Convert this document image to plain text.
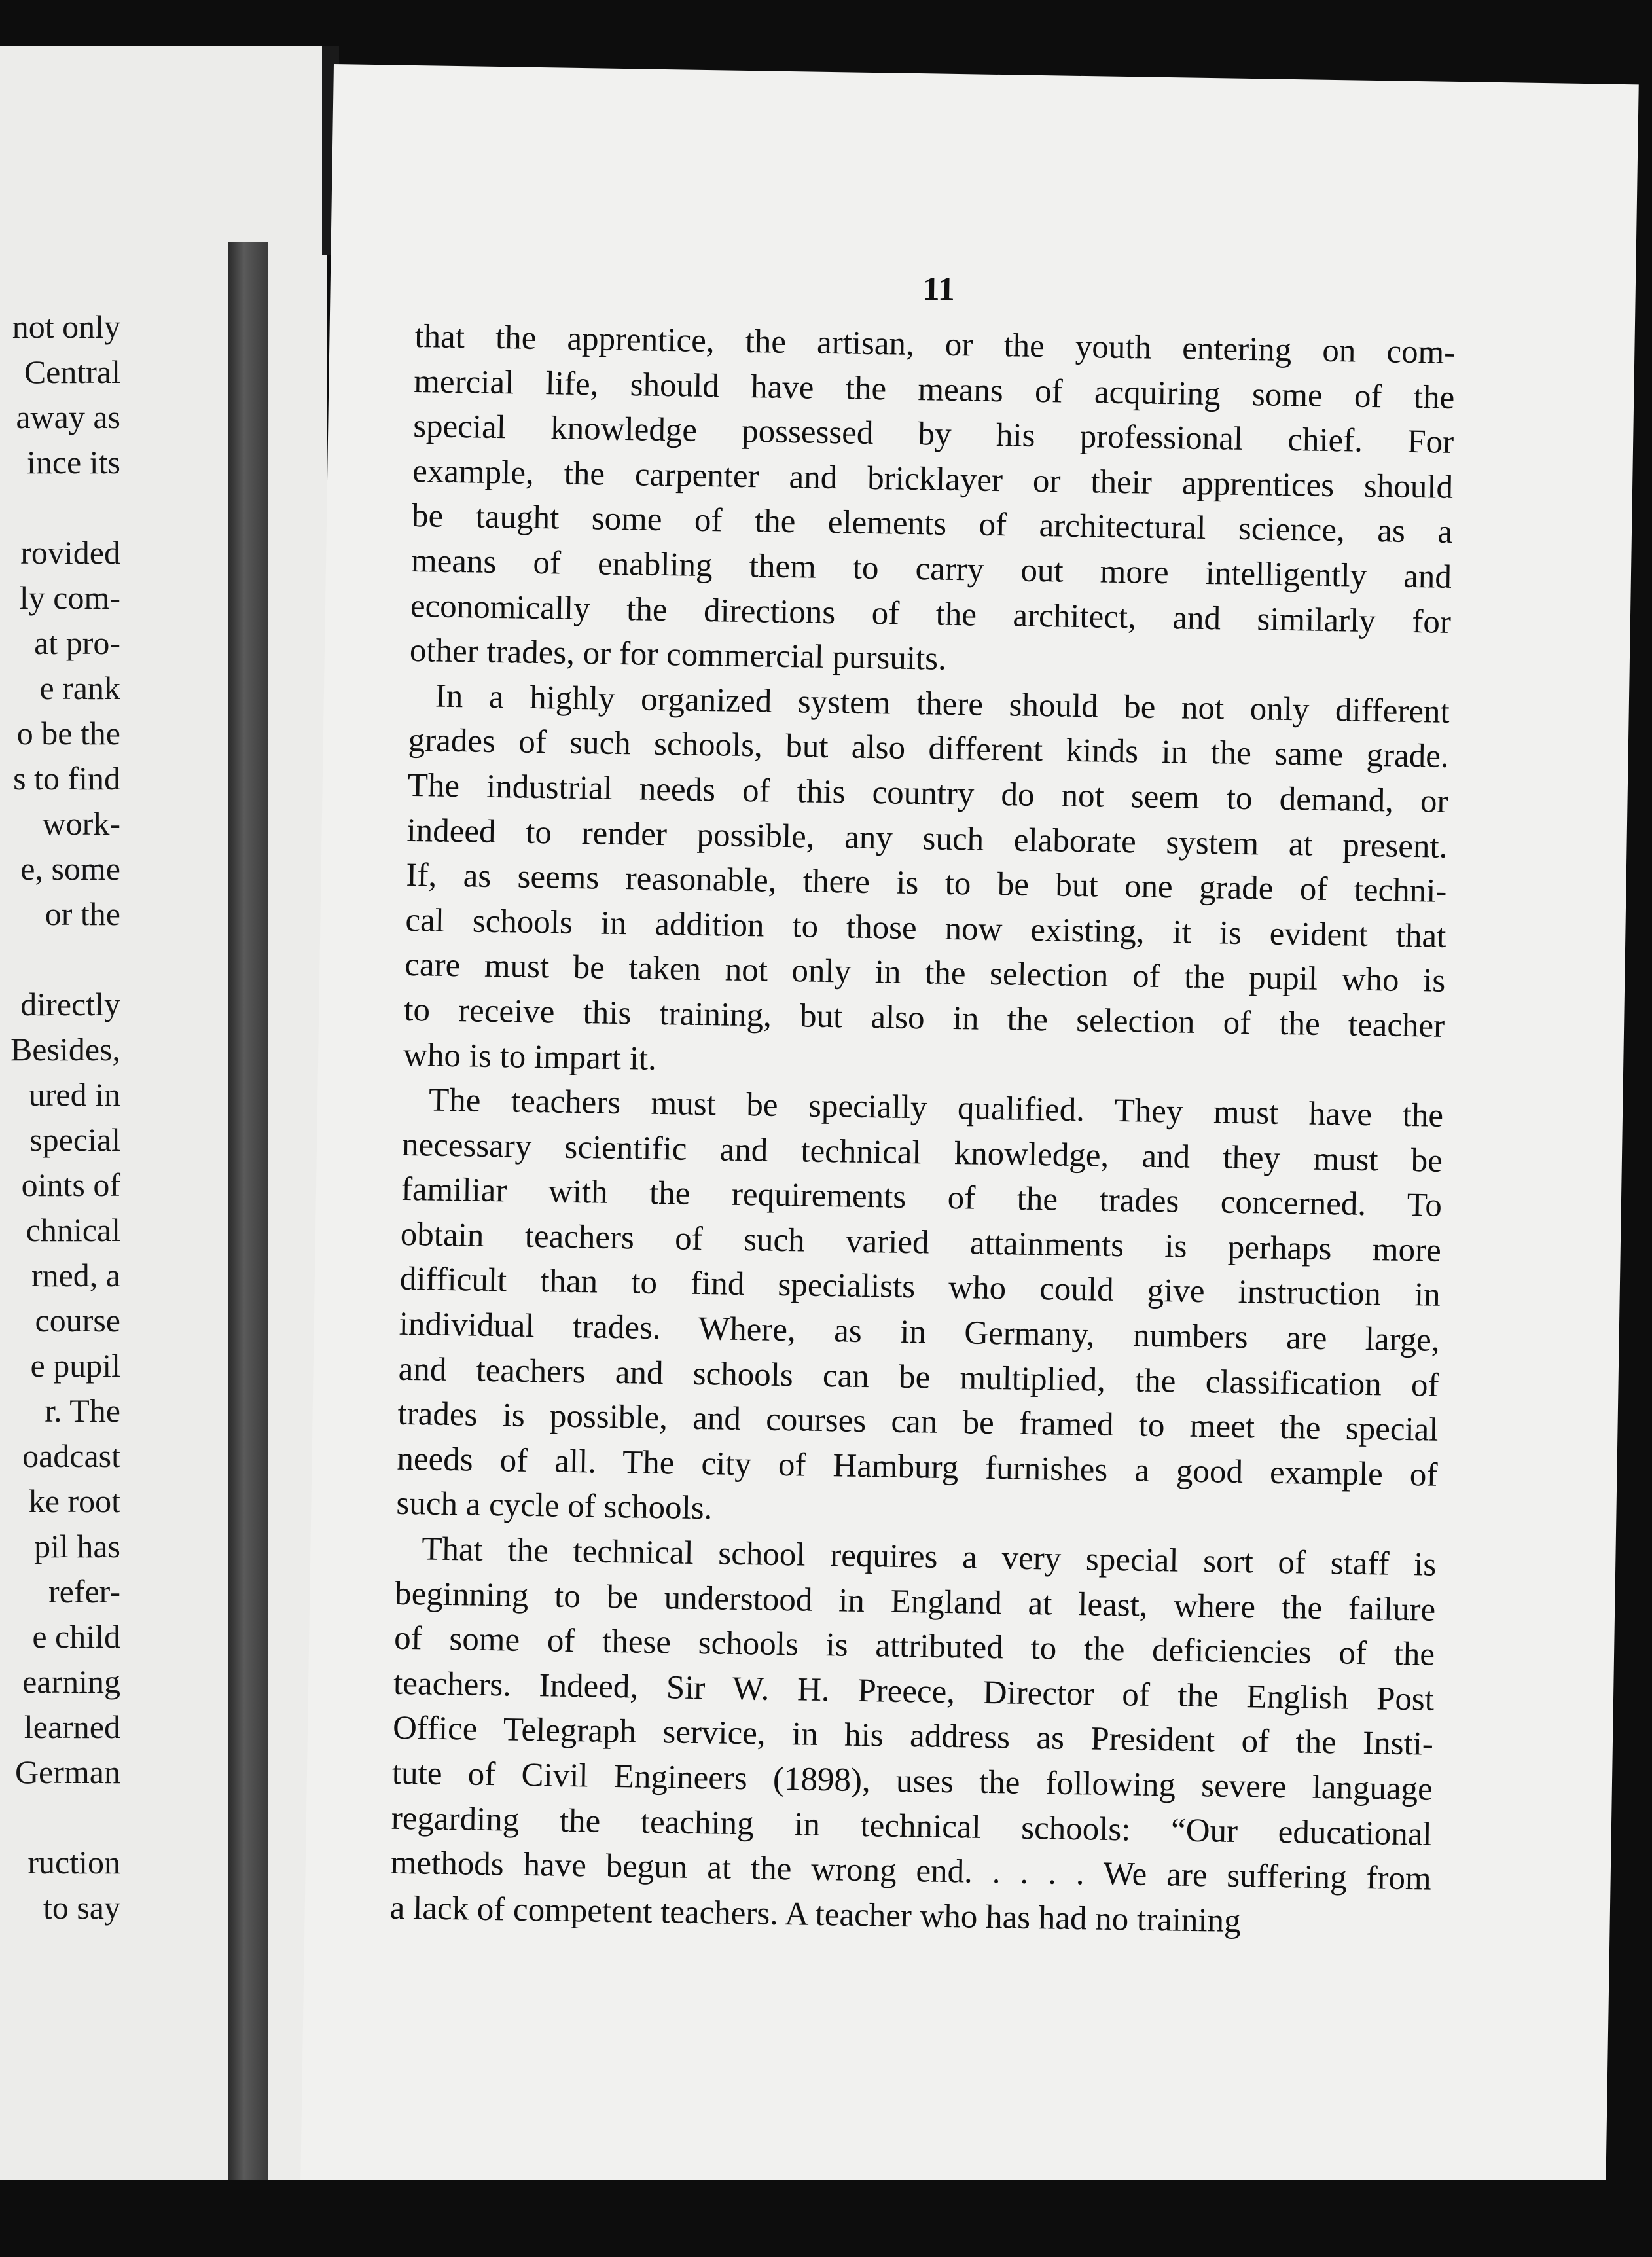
not only
Central
away as
ince its
rovided
ly com-
at pro-
e rank
o be the
s to find
work-
e, some
or the
directly
Besides,
ured in
special
oints of
chnical
rned, a
course
e pupil
r. The
oadcast
ke root
pil has
refer-
e child
earning
learned
German
ruction
to say
11
that the apprentice, the artisan, or the youth entering on com-
mercial life, should have the means of acquiring some of the
special knowledge possessed by his professional chief. For
example, the carpenter and bricklayer or their apprentices should
be taught some of the elements of architectural science, as a
means of enabling them to carry out more intelligently and
economically the directions of the architect, and similarly for
other trades, or for commercial pursuits.
In a highly organized system there should be not only different
grades of such schools, but also different kinds in the same grade.
The industrial needs of this country do not seem to demand, or
indeed to render possible, any such elaborate system at present.
If, as seems reasonable, there is to be but one grade of techni-
cal schools in addition to those now existing, it is evident that
care must be taken not only in the selection of the pupil who is
to receive this training, but also in the selection of the teacher
who is to impart it.
The teachers must be specially qualified. They must have the
necessary scientific and technical knowledge, and they must be
familiar with the requirements of the trades concerned. To
obtain teachers of such varied attainments is perhaps more
difficult than to find specialists who could give instruction in
individual trades. Where, as in Germany, numbers are large,
and teachers and schools can be multiplied, the classification of
trades is possible, and courses can be framed to meet the special
needs of all. The city of Hamburg furnishes a good example of
such a cycle of schools.
That the technical school requires a very special sort of staff is
beginning to be understood in England at least, where the failure
of some of these schools is attributed to the deficiencies of the
teachers. Indeed, Sir W. H. Preece, Director of the English Post
Office Telegraph service, in his address as President of the Insti-
tute of Civil Engineers (1898), uses the following severe language
regarding the teaching in technical schools: “Our educational
methods have begun at the wrong end. . . . . We are suffering from
a lack of competent teachers. A teacher who has had no training
